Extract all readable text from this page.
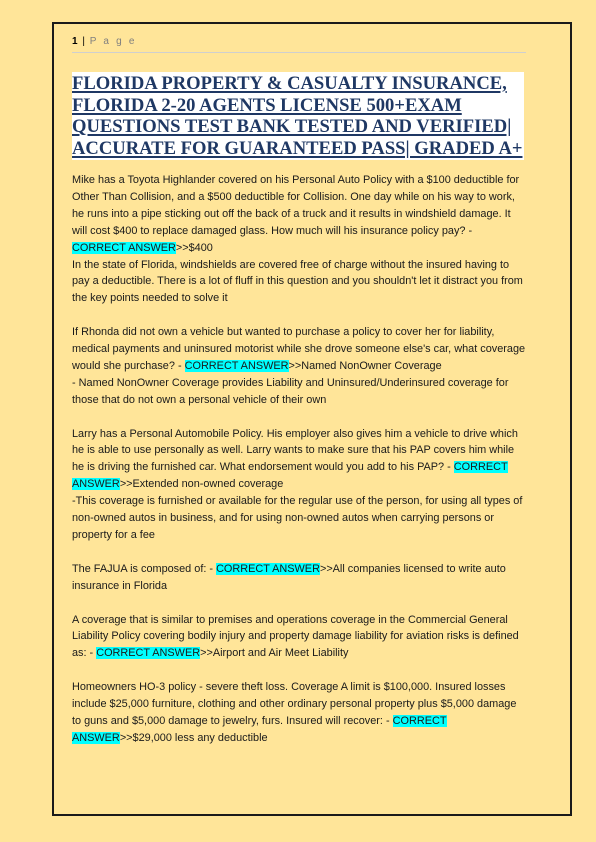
1 | P a g e
FLORIDA PROPERTY & CASUALTY INSURANCE,
FLORIDA 2-20 AGENTS LICENSE 500+EXAM
QUESTIONS TEST BANK TESTED AND VERIFIED|
ACCURATE FOR GUARANTEED PASS| GRADED A+

Mike has a Toyota Highlander covered on his Personal Auto Policy with a $100 deductible for Other Than Collision, and a $500 deductible for Collision. One day while on his way to work, he runs into a pipe sticking out off the back of a truck and it results in windshield damage. It will cost $400 to replace damaged glass. How much will his insurance policy pay? - CORRECT ANSWER>>$400

In the state of Florida, windshields are covered free of charge without the insured having to pay a deductible. There is a lot of fluff in this question and you shouldn't let it distract you from the key points needed to solve it

If Rhonda did not own a vehicle but wanted to purchase a policy to cover her for liability, medical payments and uninsured motorist while she drove someone else's car, what coverage would she purchase? - CORRECT ANSWER>>Named NonOwner Coverage

- Named NonOwner Coverage provides Liability and Uninsured/Underinsured coverage for those that do not own a personal vehicle of their own

Larry has a Personal Automobile Policy. His employer also gives him a vehicle to drive which he is able to use personally as well. Larry wants to make sure that his PAP covers him while he is driving the furnished car. What endorsement would you add to his PAP? - CORRECT ANSWER>>Extended non-owned coverage

-This coverage is furnished or available for the regular use of the person, for using all types of non-owned autos in business, and for using non-owned autos when carrying persons or property for a fee

The FAJUA is composed of: - CORRECT ANSWER>>All companies licensed to write auto insurance in Florida

A coverage that is similar to premises and operations coverage in the Commercial General Liability Policy covering bodily injury and property damage liability for aviation risks is defined as: - CORRECT ANSWER>>Airport and Air Meet Liability

Homeowners HO-3 policy - severe theft loss. Coverage A limit is $100,000. Insured losses include $25,000 furniture, clothing and other ordinary personal property plus $5,000 damage to guns and $5,000 damage to jewelry, furs. Insured will recover: - CORRECT ANSWER>>$29,000 less any deductible
